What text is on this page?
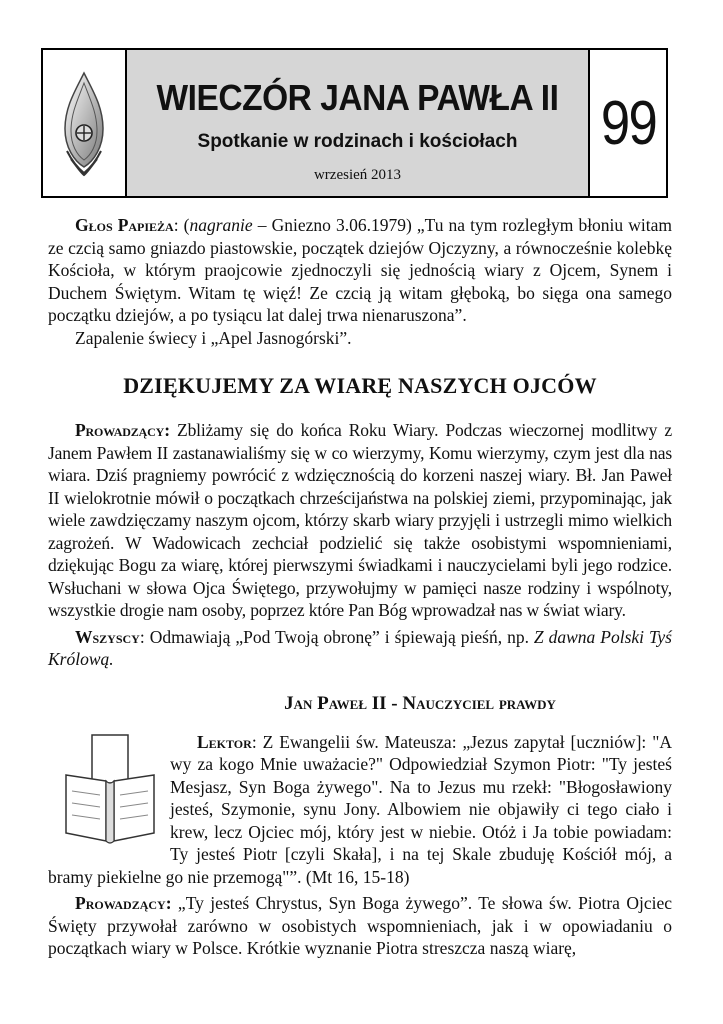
WIECZÓR JANA PAWŁA II
Spotkanie w rodzinach i kościołach
wrzesień 2013
99

Głos Papieża: (nagranie – Gniezno 3.06.1979) „Tu na tym rozległym błoniu witam ze czcią samo gniazdo piastowskie, początek dziejów Ojczyzny, a równocześnie kolebkę Kościoła, w którym praojcowie zjednoczyli się jednością wiary z Ojcem, Synem i Duchem Świętym. Witam tę więź! Ze czcią ją witam głęboką, bo sięga ona samego początku dziejów, a po tysiącu lat dalej trwa nienaruszona”.

Zapalenie świecy i „Apel Jasnogórski”.

DZIĘKUJEMY ZA WIARĘ NASZYCH OJCÓW

Prowadzący: Zbliżamy się do końca Roku Wiary. Podczas wieczornej modlitwy z Janem Pawłem II zastanawialiśmy się w co wierzymy, Komu wierzymy, czym jest dla nas wiara. Dziś pragniemy powrócić z wdzięcznością do korzeni naszej wiary. Bł. Jan Paweł II wielokrotnie mówił o początkach chrześcijaństwa na polskiej ziemi, przypominając, jak wiele zawdzięczamy naszym ojcom, którzy skarb wiary przyjęli i ustrzegli mimo wielkich zagrożeń. W Wadowicach zechciał podzielić się także osobistymi wspomnieniami, dziękując Bogu za wiarę, której pierwszymi świadkami i nauczycielami byli jego rodzice. Wsłuchani w słowa Ojca Świętego, przywołujmy w pamięci nasze rodziny i wspólnoty, wszystkie drogie nam osoby, poprzez które Pan Bóg wprowadzał nas w świat wiary.

Wszyscy: Odmawiają „Pod Twoją obronę” i śpiewają pieśń, np. Z dawna Polski Tyś Królową.

Jan Paweł II - Nauczyciel prawdy

Lektor: Z Ewangelii św. Mateusza: „Jezus zapytał [uczniów]: "A wy za kogo Mnie uważacie?" Odpowiedział Szymon Piotr: "Ty jesteś Mesjasz, Syn Boga żywego". Na to Jezus mu rzekł: "Błogosławiony jesteś, Szymonie, synu Jony. Albowiem nie objawiły ci tego ciało i krew, lecz Ojciec mój, który jest w niebie. Otóż i Ja tobie powiadam: Ty jesteś Piotr [czyli Skała], i na tej Skale zbuduję Kościół mój, a bramy piekielne go nie przemogą"”. (Mt 16, 15-18)

Prowadzący: „Ty jesteś Chrystus, Syn Boga żywego”. Te słowa św. Piotra Ojciec Święty przywołał zarówno w osobistych wspomnieniach, jak i w opowiadaniu o początkach wiary w Polsce. Krótkie wyznanie Piotra streszcza naszą wiarę,
